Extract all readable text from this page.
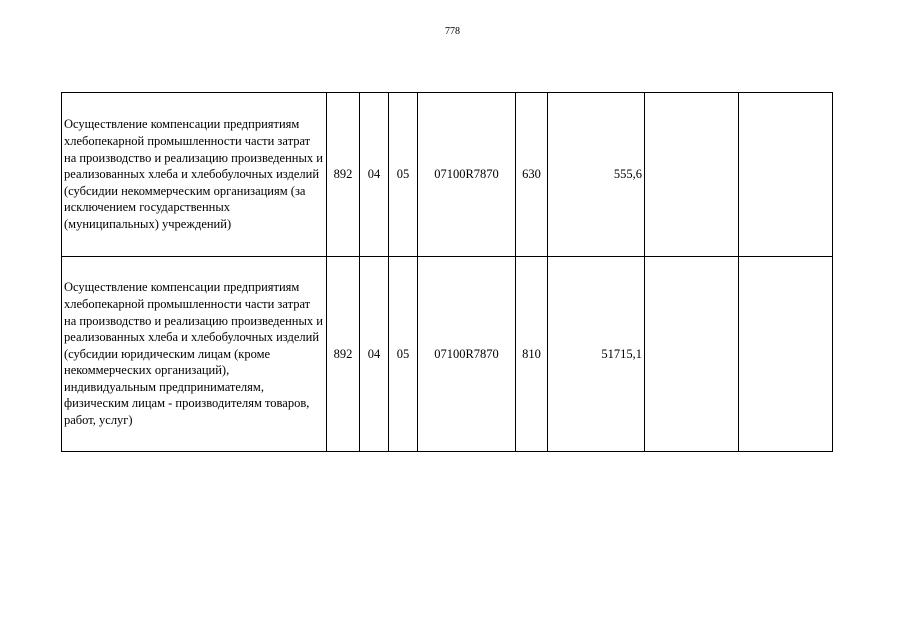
778
Осуществление компенсации предприятиям хлебопекарной промышленности части затрат на производство и реализацию произведенных и реализованных хлеба и хлебобулочных изделий (субсидии некоммерческим организациям (за исключением государственных (муниципальных) учреждений)	892	04	05	07100R7870	630	555,6		
Осуществление компенсации предприятиям хлебопекарной промышленности части затрат на производство и реализацию произведенных и реализованных хлеба и хлебобулочных изделий (субсидии юридическим лицам (кроме некоммерческих организаций), индивидуальным предпринимателям, физическим лицам - производителям товаров, работ, услуг)	892	04	05	07100R7870	810	51715,1		
